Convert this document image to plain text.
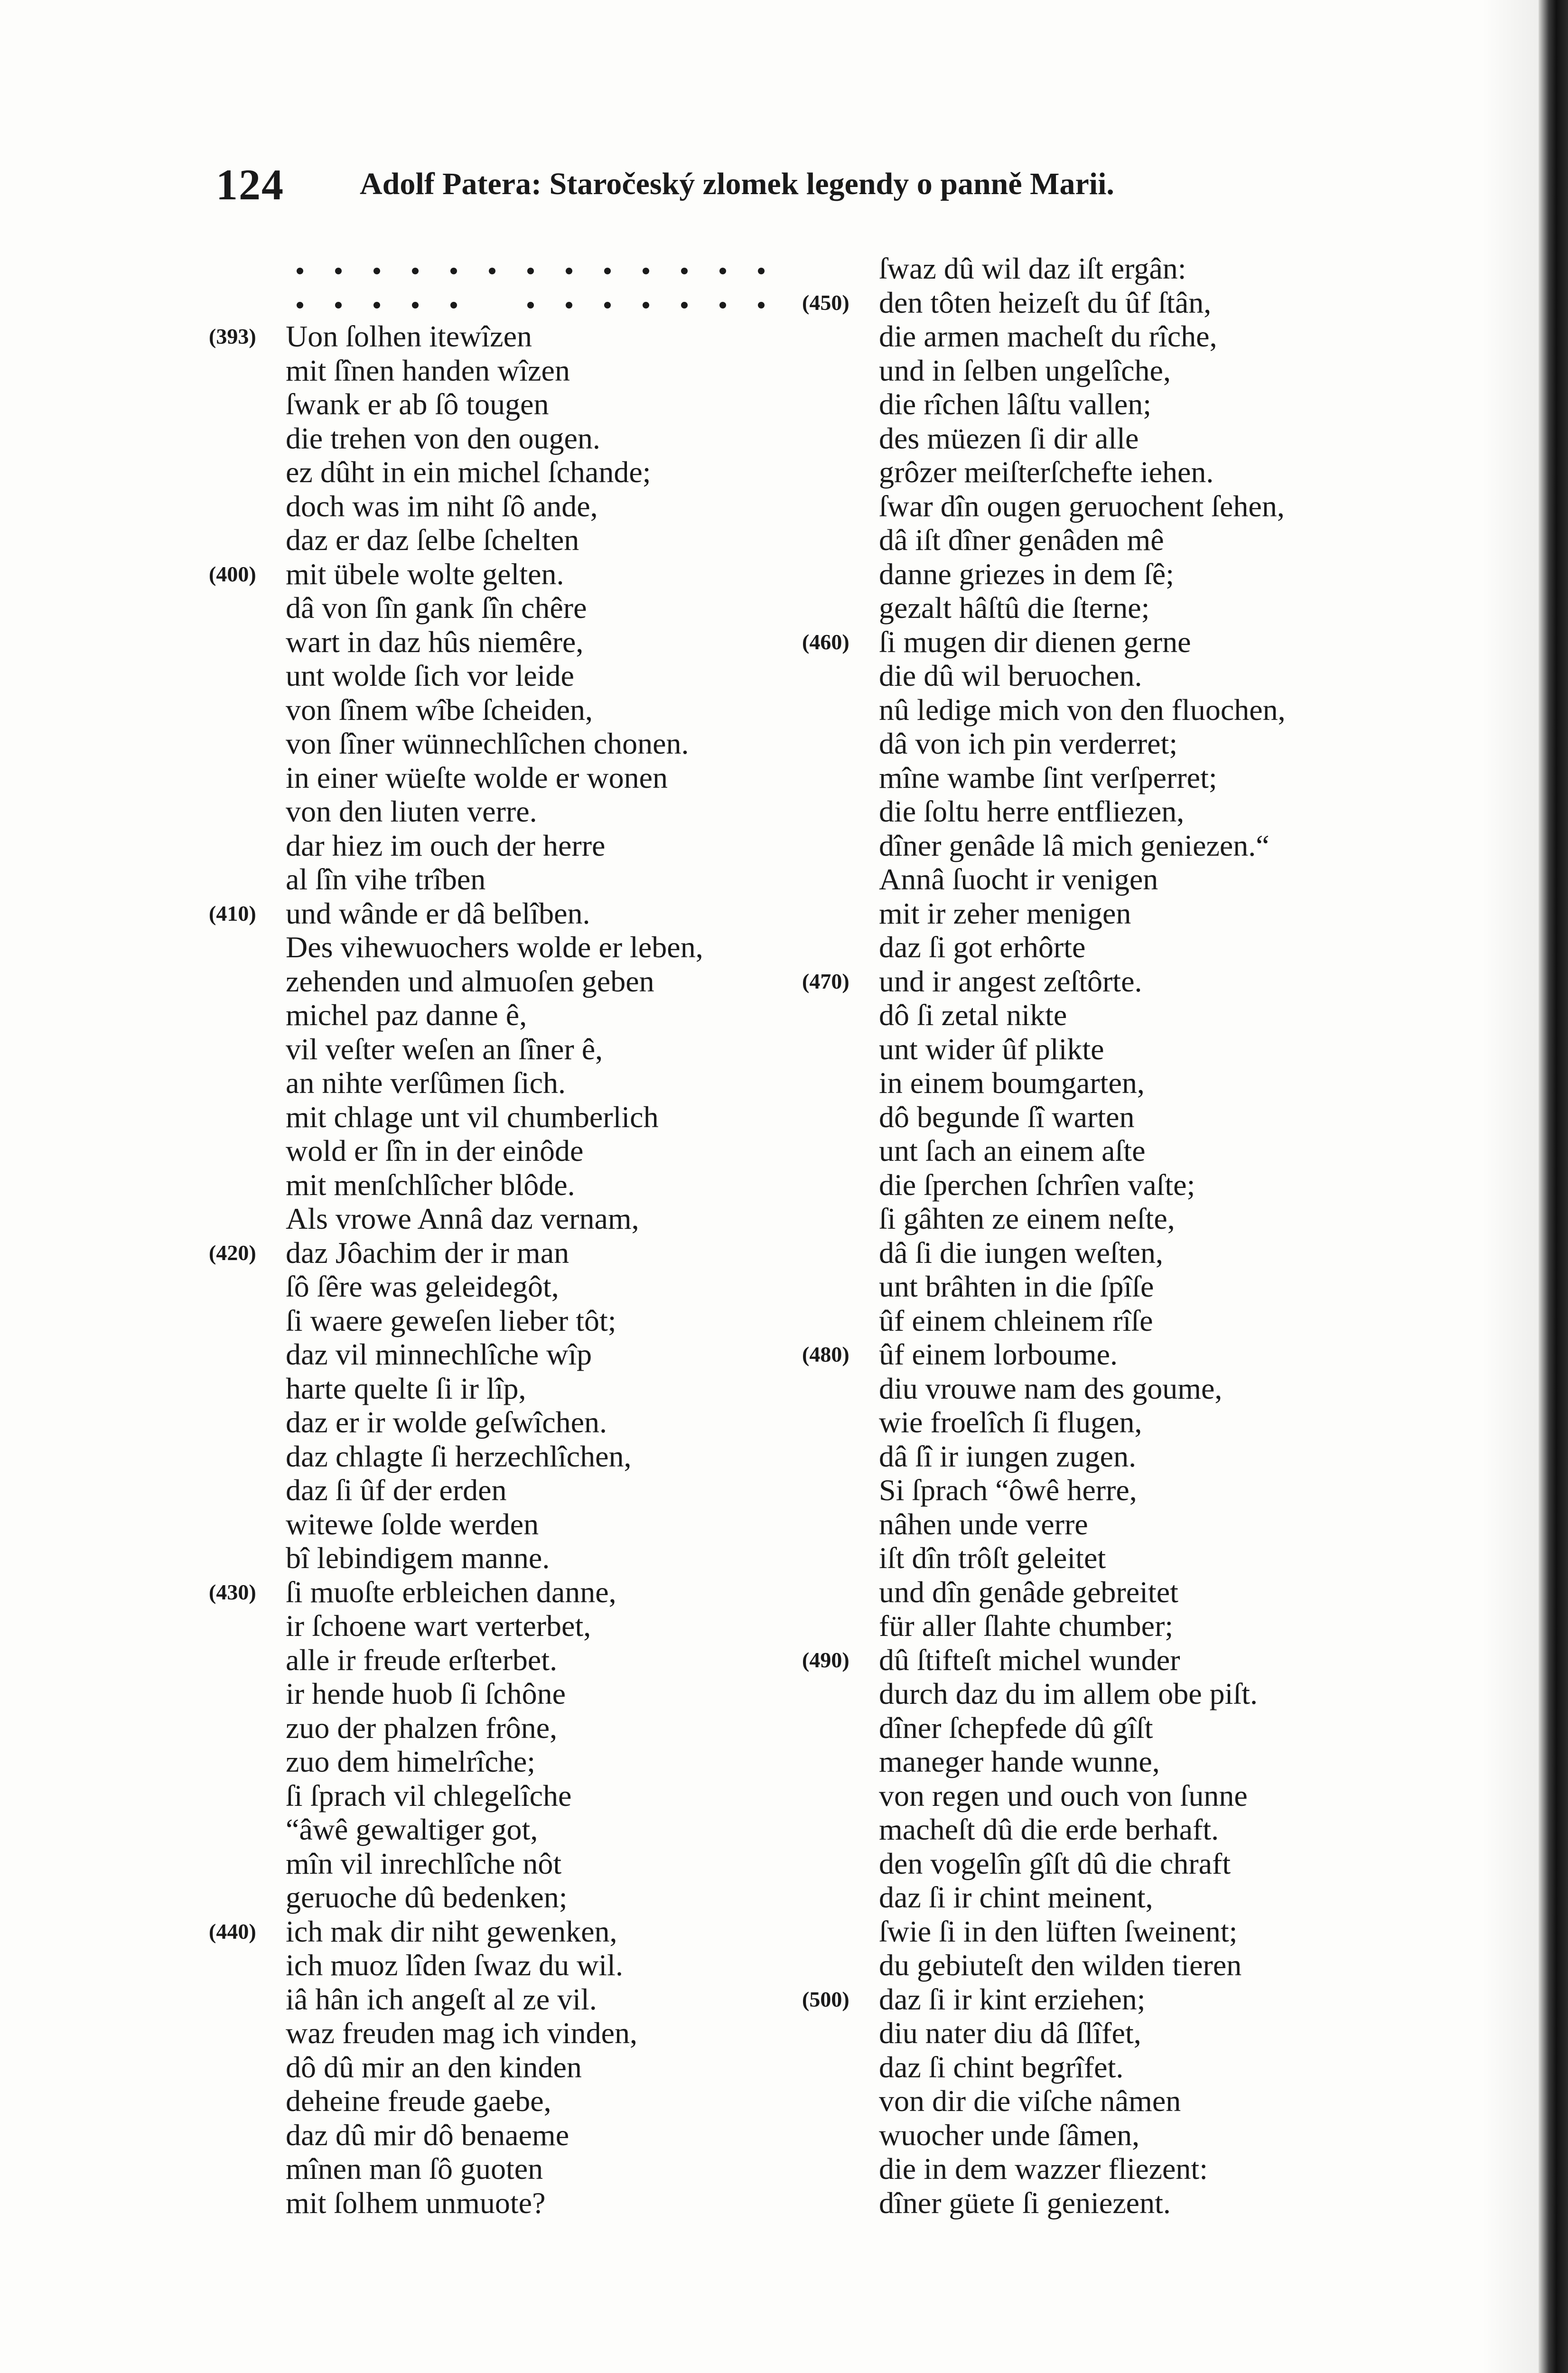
124 Adolf Patera: Staročeský zlomek legendy o panně Marii.
(393) Uon ſolhen itewîzen
mit ſînen handen wîzen
ſwank er ab ſô tougen
die trehen von den ougen.
ez dûht in ein michel ſchande;
doch was im niht ſô ande,
daz er daz ſelbe ſchelten
(400) mit übele wolte gelten.
dâ von ſîn gank ſîn chêre
wart in daz hûs niemêre,
unt wolde ſich vor leide
von ſînem wîbe ſcheiden,
von ſîner wünnechlîchen chonen.
in einer wüeſte wolde er wonen
von den liuten verre.
dar hiez im ouch der herre
al ſîn vihe trîben
(410) und wânde er dâ belîben.
Des vihewuochers wolde er leben,
zehenden und almuoſen geben
michel paz danne ê,
vil veſter weſen an ſîner ê,
an nihte verſûmen ſich.
mit chlage unt vil chumberlich
wold er ſîn in der einôde
mit menſchlîcher blôde.
Als vrowe Annâ daz vernam,
(420) daz Jôachim der ir man
ſô ſêre was geleidegôt,
ſi waere geweſen lieber tôt;
daz vil minnechlîche wîp
harte quelte ſi ir lîp,
daz er ir wolde geſwîchen.
daz chlagte ſi herzechlîchen,
daz ſi ûf der erden
witewe ſolde werden
bî lebindigem manne.
(430) ſi muoſte erbleichen danne,
ir ſchoene wart verterbet,
alle ir freude erſterbet.
ir hende huob ſi ſchône
zuo der phalzen frône,
zuo dem himelrîche;
ſi ſprach vil chlegelîche
“âwê gewaltiger got,
mîn vil inrechlîche nôt
geruoche dû bedenken;
(440) ich mak dir niht gewenken,
ich muoz lîden ſwaz du wil.
iâ hân ich angeſt al ze vil.
waz freuden mag ich vinden,
dô dû mir an den kinden
deheine freude gaebe,
daz dû mir dô benaeme
mînen man ſô guoten
mit ſolhem unmuote?
ſwaz dû wil daz iſt ergân:
(450) den tôten heizeſt du ûf ſtân,
die armen macheſt du rîche,
und in ſelben ungelîche,
die rîchen lâſtu vallen;
des müezen ſi dir alle
grôzer meiſterſchefte iehen.
ſwar dîn ougen geruochent ſehen,
dâ iſt dîner genâden mê
danne griezes in dem ſê;
gezalt hâſtû die ſterne;
(460) ſi mugen dir dienen gerne
die dû wil beruochen.
nû ledige mich von den fluochen,
dâ von ich pin verderret;
mîne wambe ſint verſperret;
die ſoltu herre entfliezen,
dîner genâde lâ mich geniezen.“
Annâ ſuocht ir venigen
mit ir zeher menigen
daz ſi got erhôrte
(470) und ir angest zeſtôrte.
dô ſi zetal nikte
unt wider ûf plikte
in einem boumgarten,
dô begunde ſî warten
unt ſach an einem aſte
die ſperchen ſchrîen vaſte;
ſi gâhten ze einem neſte,
dâ ſi die iungen weſten,
unt brâhten in die ſpîſe
ûf einem chleinem rîſe
(480) ûf einem lorboume.
diu vrouwe nam des goume,
wie froelîch ſi flugen,
dâ ſî ir iungen zugen.
Si ſprach “ôwê herre,
nâhen unde verre
iſt dîn trôſt geleitet
und dîn genâde gebreitet
für aller ſlahte chumber;
(490) dû ſtifteſt michel wunder
durch daz du im allem obe piſt.
dîner ſchepfede dû gîſt
maneger hande wunne,
von regen und ouch von ſunne
macheſt dû die erde berhaft.
den vogelîn gîſt dû die chraft
daz ſi ir chint meinent,
ſwie ſi in den lüften ſweinent;
du gebiuteſt den wilden tieren
(500) daz ſi ir kint erziehen;
diu nater diu dâ ſlîfet,
daz ſi chint begrîfet.
von dir die viſche nâmen
wuocher unde ſâmen,
die in dem wazzer fliezent:
dîner güete ſi geniezent.
